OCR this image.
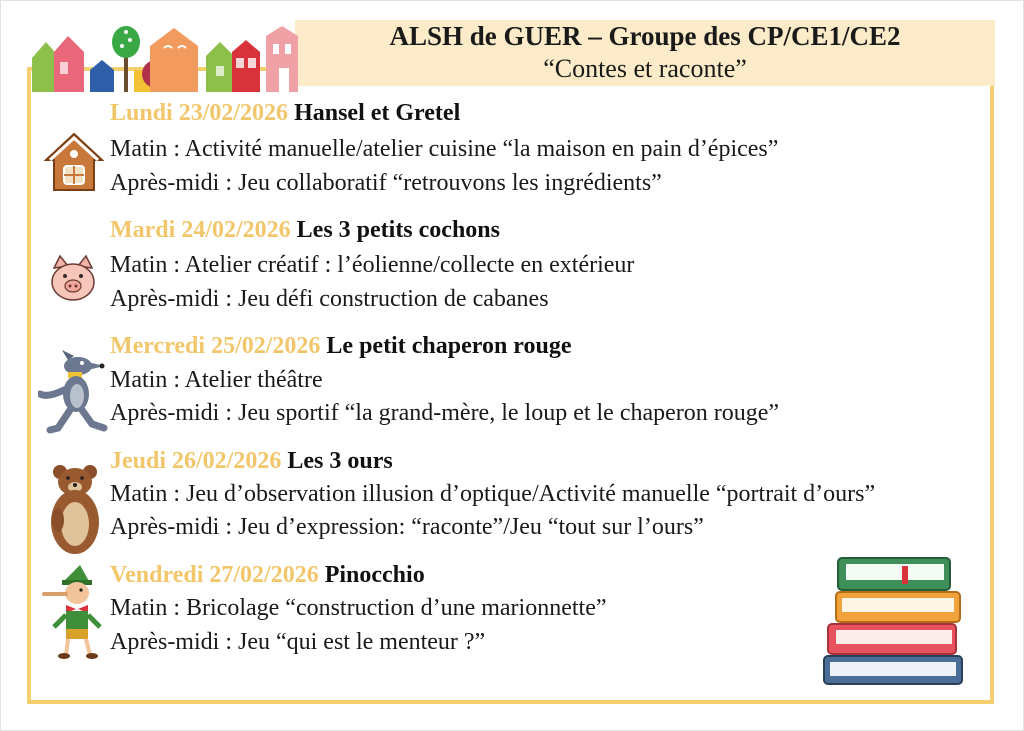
ALSH de GUER – Groupe des CP/CE1/CE2
“Contes et raconte”
Lundi 23/02/2026 Hansel et Gretel
Matin : Activité manuelle/atelier cuisine “la maison en pain d’épices”
Après-midi : Jeu collaboratif “retrouvons les ingrédients”
Mardi 24/02/2026 Les 3 petits cochons
Matin : Atelier créatif : l’éolienne/collecte en extérieur
Après-midi : Jeu défi construction de cabanes
Mercredi 25/02/2026 Le petit chaperon rouge
Matin : Atelier théâtre
Après-midi : Jeu sportif “la grand-mère, le loup et le chaperon rouge”
Jeudi 26/02/2026 Les 3 ours
Matin : Jeu d’observation illusion d’optique/Activité manuelle “portrait d’ours”
Après-midi : Jeu d’expression: “raconte”/Jeu “tout sur l’ours”
Vendredi 27/02/2026 Pinocchio
Matin : Bricolage “construction d’une marionnette”
Après-midi : Jeu “qui est le menteur ?”
